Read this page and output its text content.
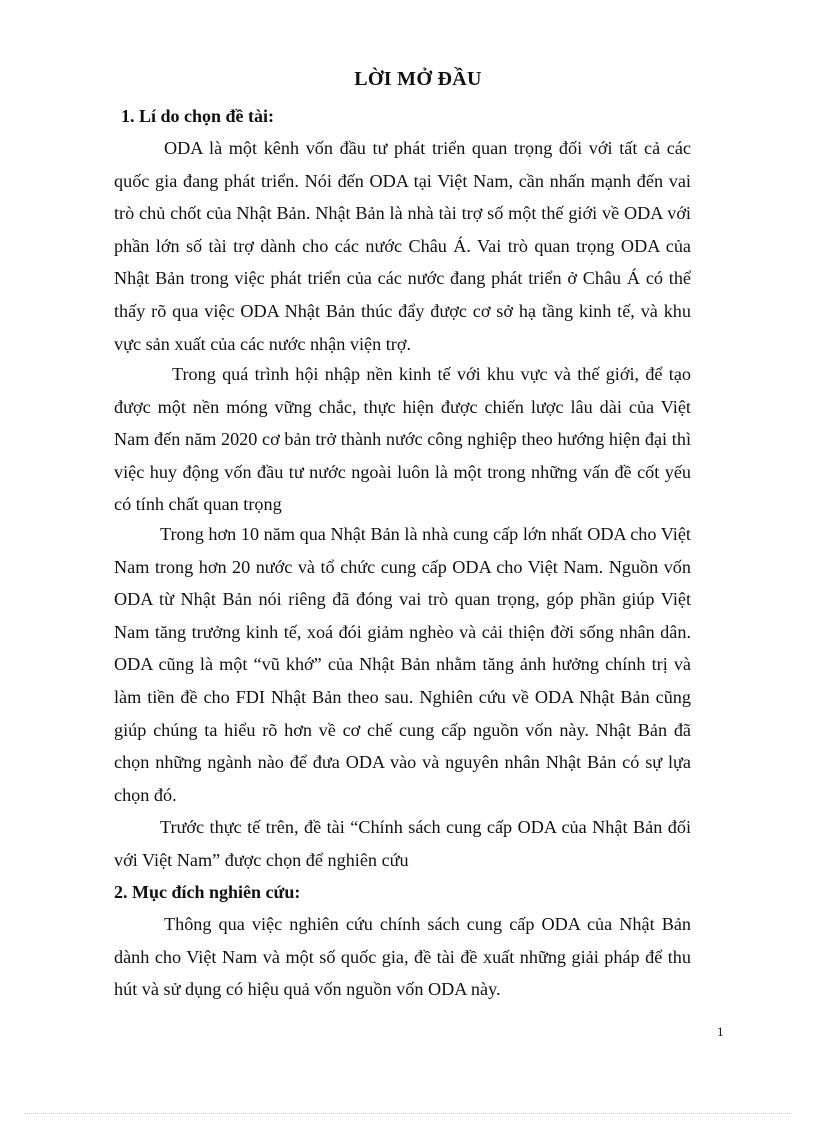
LỜI MỞ ĐẦU
1. Lí do chọn đề tài:

ODA là một kênh vốn đầu tư phát triển quan trọng đối với tất cả các quốc gia đang phát triển. Nói đến ODA tại Việt Nam, cần nhấn mạnh đến vai trò chủ chốt của Nhật Bản. Nhật Bản là nhà tài trợ số một thế giới về ODA với phần lớn số tài trợ dành cho các nước Châu Á. Vai trò quan trọng ODA của Nhật Bản trong việc phát triển của các nước đang phát triển ở Châu Á có thể thấy rõ qua việc ODA Nhật Bản thúc đẩy được cơ sở hạ tầng kinh tế, và khu vực sản xuất của các nước nhận viện trợ.

Trong quá trình hội nhập nền kinh tế với khu vực và thế giới, để tạo được một nền móng vững chắc, thực hiện được chiến lược lâu dài của Việt Nam đến năm 2020 cơ bản trở thành nước công nghiệp theo hướng hiện đại thì việc huy động vốn đầu tư nước ngoài luôn là một trong những vấn đề cốt yếu có tính chất quan trọng

Trong hơn 10 năm qua Nhật Bản là nhà cung cấp lớn nhất ODA cho Việt Nam trong hơn 20 nước và tổ chức cung cấp ODA cho Việt Nam. Nguồn vốn ODA từ Nhật Bản nói riêng đã đóng vai trò quan trọng, góp phần giúp Việt Nam tăng trưởng kinh tế, xoá đói giảm nghèo và cải thiện đời sống nhân dân. ODA cũng là một “vũ khớ” của Nhật Bản nhằm tăng ảnh hưởng chính trị và làm tiền đề cho FDI Nhật Bản theo sau. Nghiên cứu về ODA Nhật Bản cũng giúp chúng ta hiểu rõ hơn về cơ chế cung cấp nguồn vốn này. Nhật Bản đã chọn những ngành nào để đưa ODA vào và nguyên nhân Nhật Bản có sự lựa chọn đó.

Trước thực tế trên, đề tài “Chính sách cung cấp ODA của Nhật Bản đối với Việt Nam” được chọn để nghiên cứu

2. Mục đích nghiên cứu:

Thông qua việc nghiên cứu chính sách cung cấp ODA của Nhật Bản dành cho Việt Nam và một số quốc gia, đề tài đề xuất những giải pháp để thu hút và sử dụng có hiệu quả vốn nguồn vốn ODA này.

1
